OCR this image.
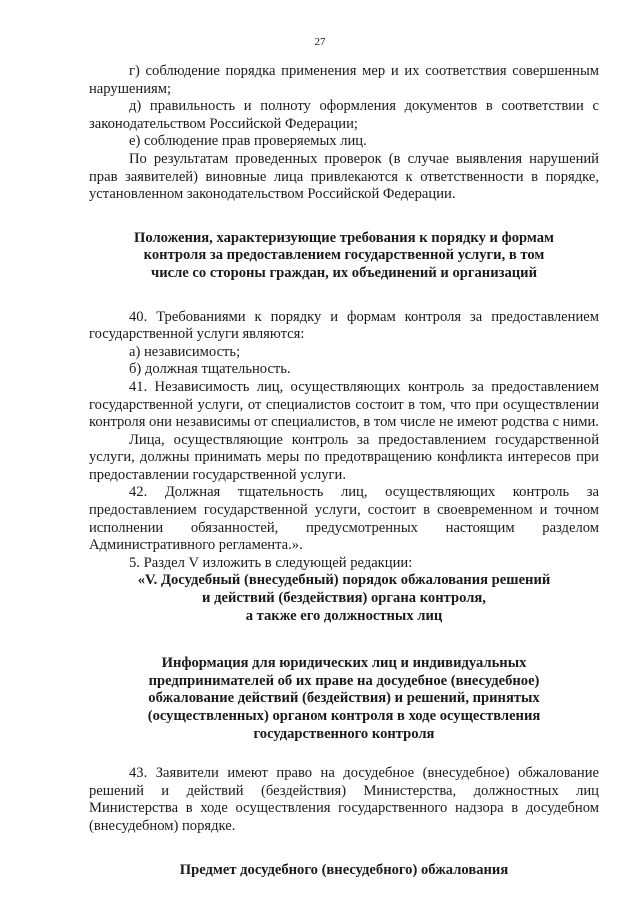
27

г) соблюдение порядка применения мер и их соответствия совершенным нарушениям;

д) правильность и полноту оформления документов в соответствии с законодательством Российской Федерации;

е) соблюдение прав проверяемых лиц.

По результатам проведенных проверок (в случае выявления нарушений прав заявителей) виновные лица привлекаются к ответственности в порядке, установленном законодательством Российской Федерации.

Положения, характеризующие требования к порядку и формам
контроля за предоставлением государственной услуги, в том
числе со стороны граждан, их объединений и организаций

40. Требованиями к порядку и формам контроля за предоставлением государственной услуги являются:

а) независимость;

б) должная тщательность.

41. Независимость лиц, осуществляющих контроль за предоставлением государственной услуги, от специалистов состоит в том, что при осуществлении контроля они независимы от специалистов, в том числе не имеют родства с ними.

Лица, осуществляющие контроль за предоставлением государственной услуги, должны принимать меры по предотвращению конфликта интересов при предоставлении государственной услуги.

42. Должная тщательность лиц, осуществляющих контроль за предоставлением государственной услуги, состоит в своевременном и точном исполнении обязанностей, предусмотренных настоящим разделом Административного регламента.».

5. Раздел V изложить в следующей редакции:

«V. Досудебный (внесудебный) порядок обжалования решений
и действий (бездействия) органа контроля,
а также его должностных лиц
Информация для юридических лиц и индивидуальных
предпринимателей об их праве на досудебное (внесудебное)
обжалование действий (бездействия) и решений, принятых
(осуществленных) органом контроля в ходе осуществления
государственного контроля

43. Заявители имеют право на досудебное (внесудебное) обжалование решений и действий (бездействия) Министерства, должностных лиц Министерства в ходе осуществления государственного надзора в досудебном (внесудебном) порядке.

Предмет досудебного (внесудебного) обжалования
